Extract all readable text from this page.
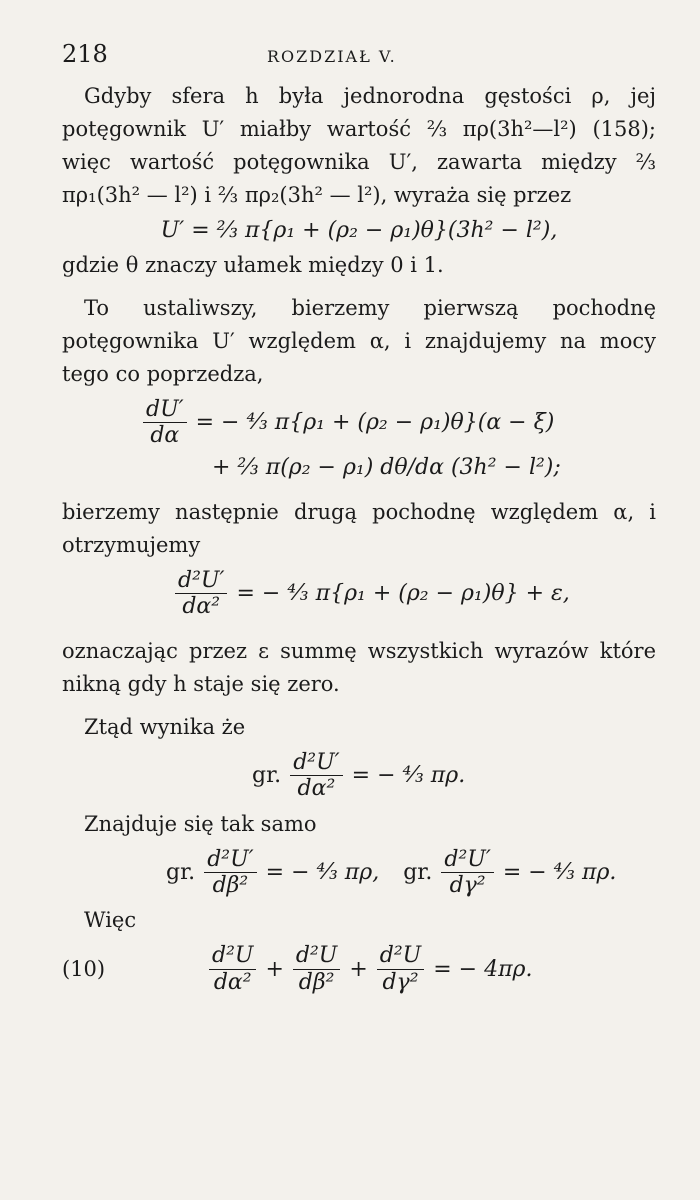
218	ROZDZIAŁ V.

Gdyby sfera h była jednorodna gęstości ρ, jej potęgownik U′ miałby wartość ⅔ πρ(3h²—l²) (158); więc wartość potęgownika U′, zawarta między ⅔ πρ₁(3h² — l²) i ⅔ πρ₂(3h² — l²), wyraża się przez

U′ = ⅔ π{ρ₁ + (ρ₂ − ρ₁)θ}(3h² − l²),

gdzie θ znaczy ułamek między 0 i 1.

To ustaliwszy, bierzemy pierwszą pochodnę potęgownika U′ względem α, i znajdujemy na mocy tego co poprzedza,

$\frac{dU'}{d\alpha}$ = − ⁴⁄₃ π{ρ₁ + (ρ₂ − ρ₁)θ}(α − ξ)
+ ⅔ π(ρ₂ − ρ₁) dθ/dα (3h² − l²);

bierzemy następnie drugą pochodnę względem α, i otrzymujemy

$\frac{\text{d²U′}}{\text{dα²}}$ = − ⁴⁄₃ π{ρ₁ + (ρ₂ − ρ₁)θ} + ε,

oznaczając przez ε summę wszystkich wyrazów które nikną gdy h staje się zero.

Ztąd wynika że

gr. $\frac{\text{d²U′}}{\text{dα²}}$ = − ⁴⁄₃ πρ.

Znajduje się tak samo

gr. $\frac{\text{d²U′}}{\text{dβ²}}$ = − ⁴⁄₃ πρ, gr. $\frac{\text{d²U′}}{\text{dγ²}}$ = − ⁴⁄₃ πρ.

Więc

(10)	$\frac{\text{d²U}}{\text{dα²}} + \frac{\text{d²U}}{\text{dβ²}} + \frac{\text{d²U}}{\text{dγ²}}$ = − 4πρ.
